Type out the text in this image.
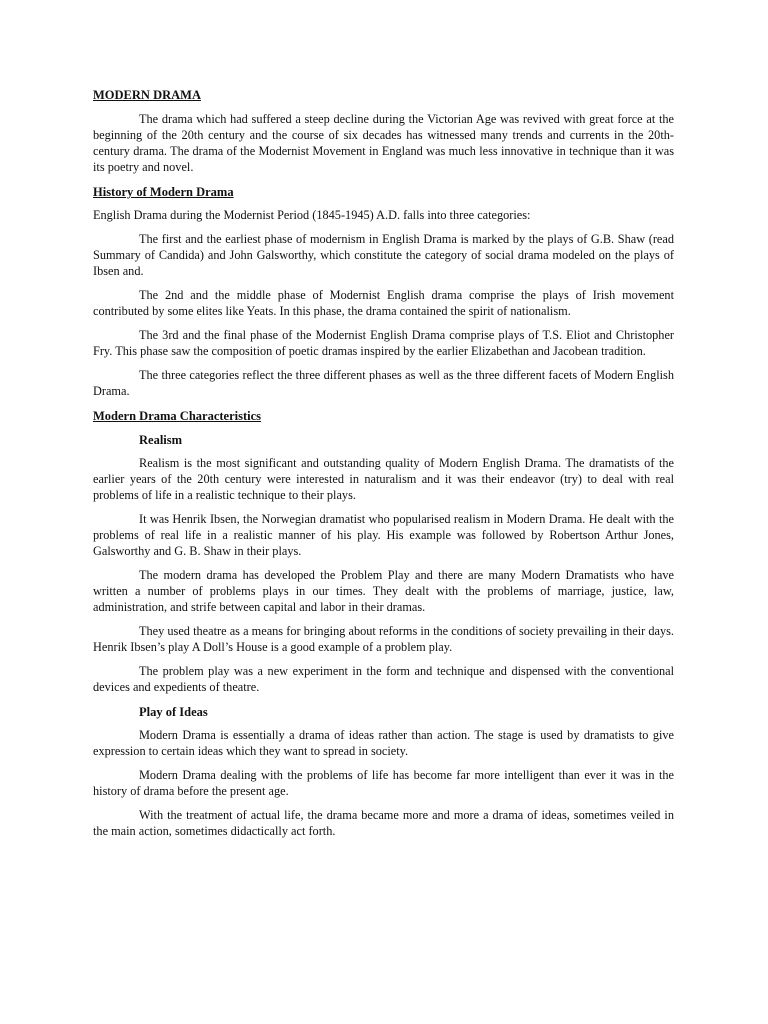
MODERN DRAMA

The drama which had suffered a steep decline during the Victorian Age was revived with great force at the beginning of the 20th century and the course of six decades has witnessed many trends and currents in the 20th-century drama. The drama of the Modernist Movement in England was much less innovative in technique than it was its poetry and novel.

History of Modern Drama

English Drama during the Modernist Period (1845-1945) A.D. falls into three categories:

The first and the earliest phase of modernism in English Drama is marked by the plays of G.B. Shaw (read Summary of Candida) and John Galsworthy, which constitute the category of social drama modeled on the plays of Ibsen and.

The 2nd and the middle phase of Modernist English drama comprise the plays of Irish movement contributed by some elites like Yeats. In this phase, the drama contained the spirit of nationalism.

The 3rd and the final phase of the Modernist English Drama comprise plays of T.S. Eliot and Christopher Fry. This phase saw the composition of poetic dramas inspired by the earlier Elizabethan and Jacobean tradition.

The three categories reflect the three different phases as well as the three different facets of Modern English Drama.

Modern Drama Characteristics
Realism

Realism is the most significant and outstanding quality of Modern English Drama. The dramatists of the earlier years of the 20th century were interested in naturalism and it was their endeavor (try) to deal with real problems of life in a realistic technique to their plays.

It was Henrik Ibsen, the Norwegian dramatist who popularised realism in Modern Drama. He dealt with the problems of real life in a realistic manner of his play. His example was followed by Robertson Arthur Jones, Galsworthy and G. B. Shaw in their plays.

The modern drama has developed the Problem Play and there are many Modern Dramatists who have written a number of problems plays in our times. They dealt with the problems of marriage, justice, law, administration, and strife between capital and labor in their dramas.

They used theatre as a means for bringing about reforms in the conditions of society prevailing in their days. Henrik Ibsen’s play A Doll’s House is a good example of a problem play.

The problem play was a new experiment in the form and technique and dispensed with the conventional devices and expedients of theatre.

Play of Ideas

Modern Drama is essentially a drama of ideas rather than action. The stage is used by dramatists to give expression to certain ideas which they want to spread in society.

Modern Drama dealing with the problems of life has become far more intelligent than ever it was in the history of drama before the present age.

With the treatment of actual life, the drama became more and more a drama of ideas, sometimes veiled in the main action, sometimes didactically act forth.
